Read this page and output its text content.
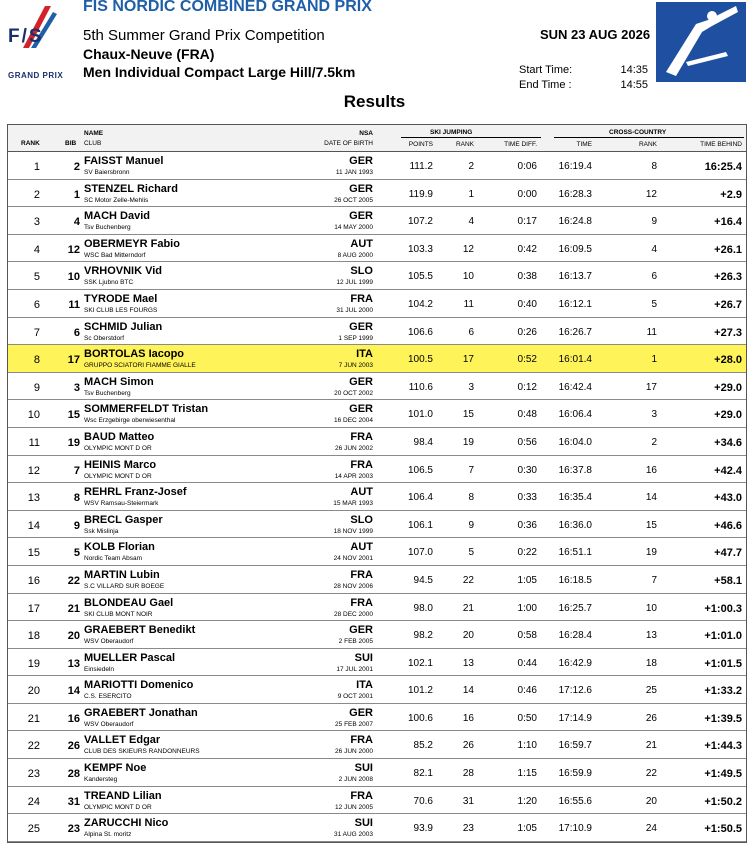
F/S
GRAND PRIX
FIS NORDIC COMBINED GRAND PRIX
5th Summer Grand Prix Competition
Chaux-Neuve (FRA)
Men Individual Compact Large Hill/7.5km
SUN 23 AUG 2026
Start Time:	14:35
End Time :	14:55
Results
RANK	BIB
NAME
CLUB
NSA
DATE OF BIRTH
SKI JUMPING
POINTS	RANK	TIME DIFF.
CROSS-COUNTRY
TIME	RANK	TIME BEHIND
1	2 FAISST Manuel
SV Baiersbronn
GER
11 JAN 1993
111.2	2	0:06 16:19.4	8	16:25.4
2	1 STENZEL Richard
SC Motor Zelle-Mehlis
GER
26 OCT 2005
119.9	1	0:00 16:28.3	12	+2.9
3	4 MACH David
Tsv Buchenberg
GER
14 MAY 2000
107.2	4	0:17 16:24.8	9	+16.4
4	12 OBERMEYR Fabio
WSC Bad Mitterndorf
AUT
8 AUG 2000
103.3	12	0:42 16:09.5	4	+26.1
5	10 VRHOVNIK Vid
SSK Ljubno BTC
SLO
12 JUL 1999
105.5	10	0:38 16:13.7	6	+26.3
6	11 TYRODE Mael
SKI CLUB LES FOURGS
FRA
31 JUL 2000
104.2	11	0:40 16:12.1	5	+26.7
7	6 SCHMID Julian
Sc Oberstdorf
GER
1 SEP 1999
106.6	6	0:26 16:26.7	11	+27.3
8	17 BORTOLAS Iacopo
GRUPPO SCIATORI FIAMME GIALLE
ITA
7 JUN 2003
100.5	17	0:52 16:01.4	1	+28.0
9	3 MACH Simon
Tsv Buchenberg
GER
20 OCT 2002
110.6	3	0:12 16:42.4	17	+29.0
10	15 SOMMERFELDT Tristan
Wsc Erzgebirge oberwiesenthal
GER
16 DEC 2004
101.0	15	0:48 16:06.4	3	+29.0
11	19 BAUD Matteo
OLYMPIC MONT D OR
FRA
26 JUN 2002
98.4	19	0:56 16:04.0	2	+34.6
12	7 HEINIS Marco
OLYMPIC MONT D OR
FRA
14 APR 2003
106.5	7	0:30 16:37.8	16	+42.4
13	8 REHRL Franz-Josef
WSV Ramsau-Steiermark
AUT
15 MAR 1993
106.4	8	0:33 16:35.4	14	+43.0
14	9 BRECL Gasper
Ssk Mislinja
SLO
18 NOV 1999
106.1	9	0:36 16:36.0	15	+46.6
15	5 KOLB Florian
Nordic Team Absam
AUT
24 NOV 2001
107.0	5	0:22 16:51.1	19	+47.7
16	22 MARTIN Lubin
S.C VILLARD SUR BOEGE
FRA
28 NOV 2006
94.5	22	1:05 16:18.5	7	+58.1
17	21 BLONDEAU Gael
SKI CLUB MONT NOIR
FRA
28 DEC 2000
98.0	21	1:00 16:25.7	10	+1:00.3
18	20 GRAEBERT Benedikt
WSV Oberaudorf
GER
2 FEB 2005
98.2	20	0:58 16:28.4	13	+1:01.0
19	13 MUELLER Pascal
Einsiedeln
SUI
17 JUL 2001
102.1	13	0:44 16:42.9	18	+1:01.5
20	14 MARIOTTI Domenico
C.S. ESERCITO
ITA
9 OCT 2001
101.2	14	0:46 17:12.6	25	+1:33.2
21	16 GRAEBERT Jonathan
WSV Oberaudorf
GER
25 FEB 2007
100.6	16	0:50 17:14.9	26	+1:39.5
22	26 VALLET Edgar
CLUB DES SKIEURS RANDONNEURS
FRA
26 JUN 2000
85.2	26	1:10 16:59.7	21	+1:44.3
23	28 KEMPF Noe
Kandersteg
SUI
2 JUN 2008
82.1	28	1:15 16:59.9	22	+1:49.5
24	31 TREAND Lilian
OLYMPIC MONT D OR
FRA
12 JUN 2005
70.6	31	1:20 16:55.6	20	+1:50.2
25	23 ZARUCCHI Nico
Alpina St. moritz
SUI
31 AUG 2003
93.9	23	1:05 17:10.9	24	+1:50.5
